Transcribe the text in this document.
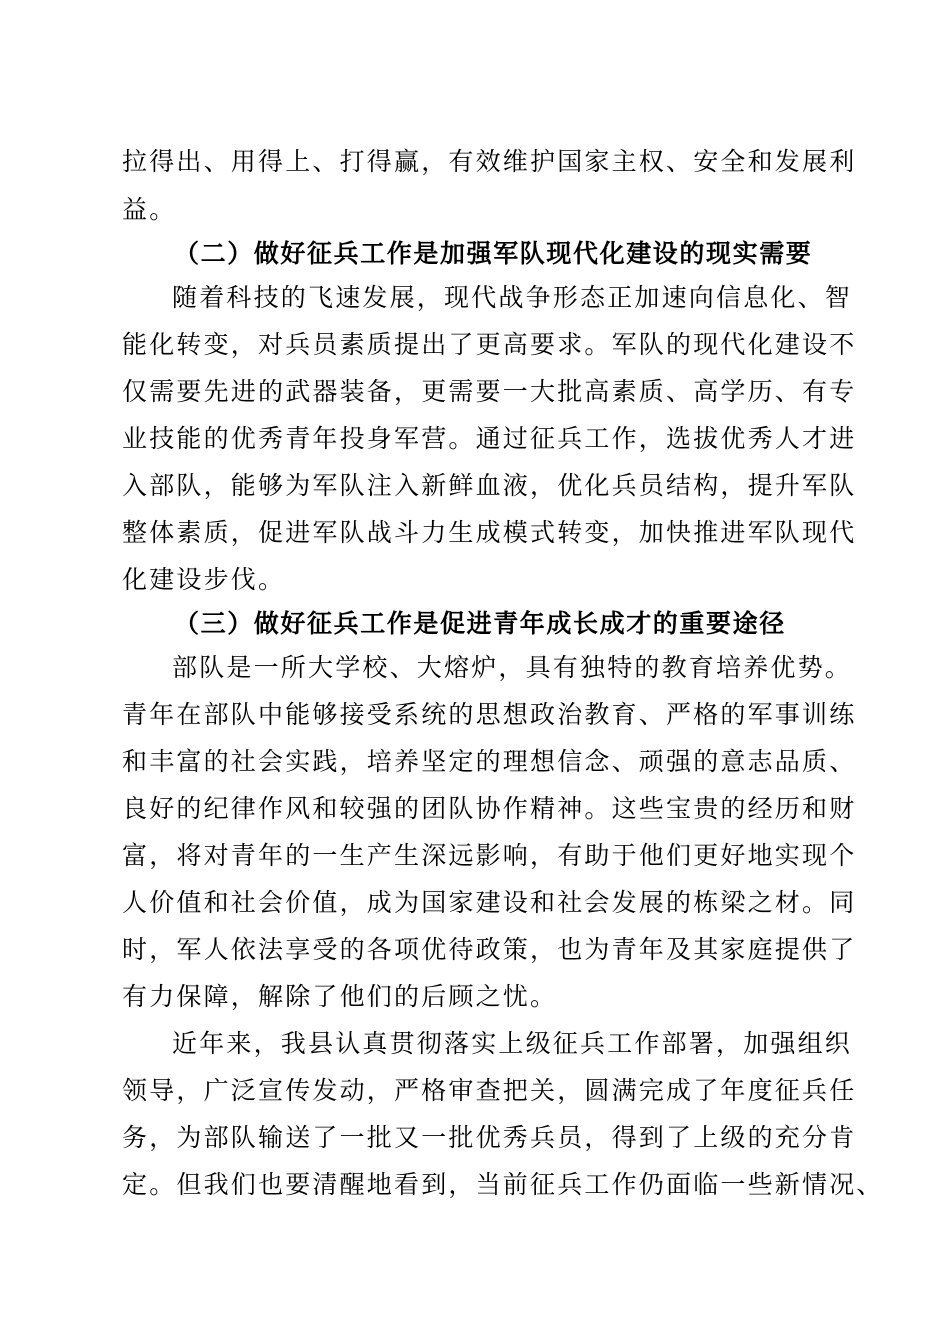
拉得出、用得上、打得赢，有效维护国家主权、安全和发展利
益。
（二）做好征兵工作是加强军队现代化建设的现实需要
随着科技的飞速发展，现代战争形态正加速向信息化、智
能化转变，对兵员素质提出了更高要求。军队的现代化建设不
仅需要先进的武器装备，更需要一大批高素质、高学历、有专
业技能的优秀青年投身军营。通过征兵工作，选拔优秀人才进
入部队，能够为军队注入新鲜血液，优化兵员结构，提升军队
整体素质，促进军队战斗力生成模式转变，加快推进军队现代
化建设步伐。
（三）做好征兵工作是促进青年成长成才的重要途径
部队是一所大学校、大熔炉，具有独特的教育培养优势。
青年在部队中能够接受系统的思想政治教育、严格的军事训练
和丰富的社会实践，培养坚定的理想信念、顽强的意志品质、
良好的纪律作风和较强的团队协作精神。这些宝贵的经历和财
富，将对青年的一生产生深远影响，有助于他们更好地实现个
人价值和社会价值，成为国家建设和社会发展的栋梁之材。同
时，军人依法享受的各项优待政策，也为青年及其家庭提供了
有力保障，解除了他们的后顾之忧。
近年来，我县认真贯彻落实上级征兵工作部署，加强组织
领导，广泛宣传发动，严格审查把关，圆满完成了年度征兵任
务，为部队输送了一批又一批优秀兵员，得到了上级的充分肯
定。但我们也要清醒地看到，当前征兵工作仍面临一些新情况、
